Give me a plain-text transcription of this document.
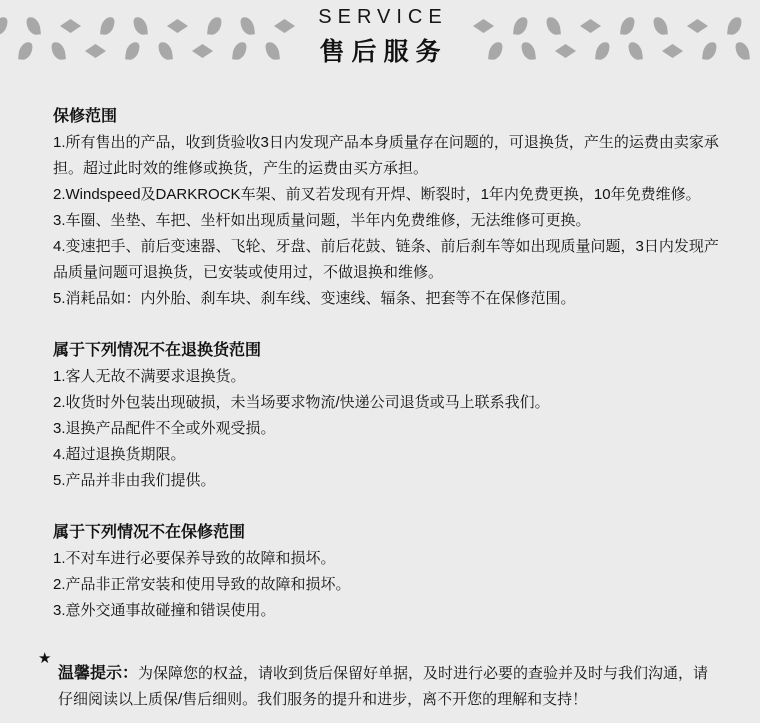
SERVICE
售后服务
保修范围

1.所有售出的产品，收到货验收3日内发现产品本身质量存在问题的，可退换货，产生的运费由卖家承担。超过此时效的维修或换货，产生的运费由买方承担。

2.Windspeed及DARKROCK车架、前叉若发现有开焊、断裂时，1年内免费更换，10年免费维修。

3.车圈、坐垫、车把、坐杆如出现质量问题，半年内免费维修，无法维修可更换。

4.变速把手、前后变速器、飞轮、牙盘、前后花鼓、链条、前后刹车等如出现质量问题，3日内发现产品质量问题可退换货，已安装或使用过，不做退换和维修。

5.消耗品如：内外胎、刹车块、刹车线、变速线、辐条、把套等不在保修范围。

属于下列情况不在退换货范围

1.客人无故不满要求退换货。

2.收货时外包装出现破损，未当场要求物流/快递公司退货或马上联系我们。

3.退换产品配件不全或外观受损。

4.超过退换货期限。

5.产品并非由我们提供。

属于下列情况不在保修范围

1.不对车进行必要保养导致的故障和损坏。

2.产品非正常安装和使用导致的故障和损坏。

3.意外交通事故碰撞和错误使用。

★

温馨提示：为保障您的权益，请收到货后保留好单据，及时进行必要的查验并及时与我们沟通，请仔细阅读以上质保/售后细则。我们服务的提升和进步，离不开您的理解和支持！
